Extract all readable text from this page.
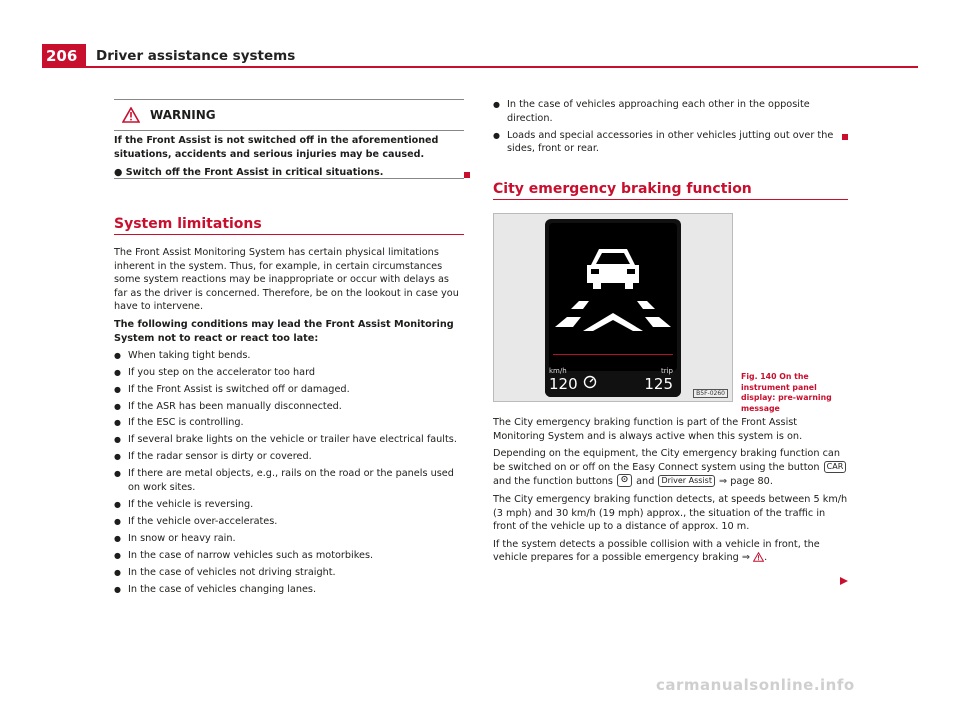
206	Driver assistance systems
WARNING
If the Front Assist is not switched off in the aforementioned situations, accidents and serious injuries may be caused.
● Switch off the Front Assist in critical situations.
System limitations

The Front Assist Monitoring System has certain physical limitations inherent in the system. Thus, for example, in certain circumstances some system reactions may be inappropriate or occur with delays as far as the driver is concerned. Therefore, be on the lookout in case you have to intervene.

The following conditions may lead the Front Assist Monitoring System not to react or react too late:

● When taking tight bends.
● If you step on the accelerator too hard
● If the Front Assist is switched off or damaged.
● If the ASR has been manually disconnected.
● If the ESC is controlling.
● If several brake lights on the vehicle or trailer have electrical faults.
● If the radar sensor is dirty or covered.
● If there are metal objects, e.g., rails on the road or the panels used on work sites.
● If the vehicle is reversing.
● If the vehicle over-accelerates.
● In snow or heavy rain.
● In the case of narrow vehicles such as motorbikes.
● In the case of vehicles not driving straight.
● In the case of vehicles changing lanes.
● In the case of vehicles approaching each other in the opposite direction.
● Loads and special accessories in other vehicles jutting out over the sides, front or rear.
City emergency braking function
km/h
120
trip
125
B5F-0260
Fig. 140 On the instrument panel display: pre-warning message

The City emergency braking function is part of the Front Assist Monitoring System and is always active when this system is on.

Depending on the equipment, the City emergency braking function can be switched on or off on the Easy Connect system using the button CAR and the function buttons and Driver Assist ⇒ page 80.

The City emergency braking function detects, at speeds between 5 km/h (3 mph) and 30 km/h (19 mph) approx., the situation of the traffic in front of the vehicle up to a distance of approx. 10 m.

If the system detects a possible collision with a vehicle in front, the vehicle prepares for a possible emergency braking ⇒ .

carmanualsonline.info
